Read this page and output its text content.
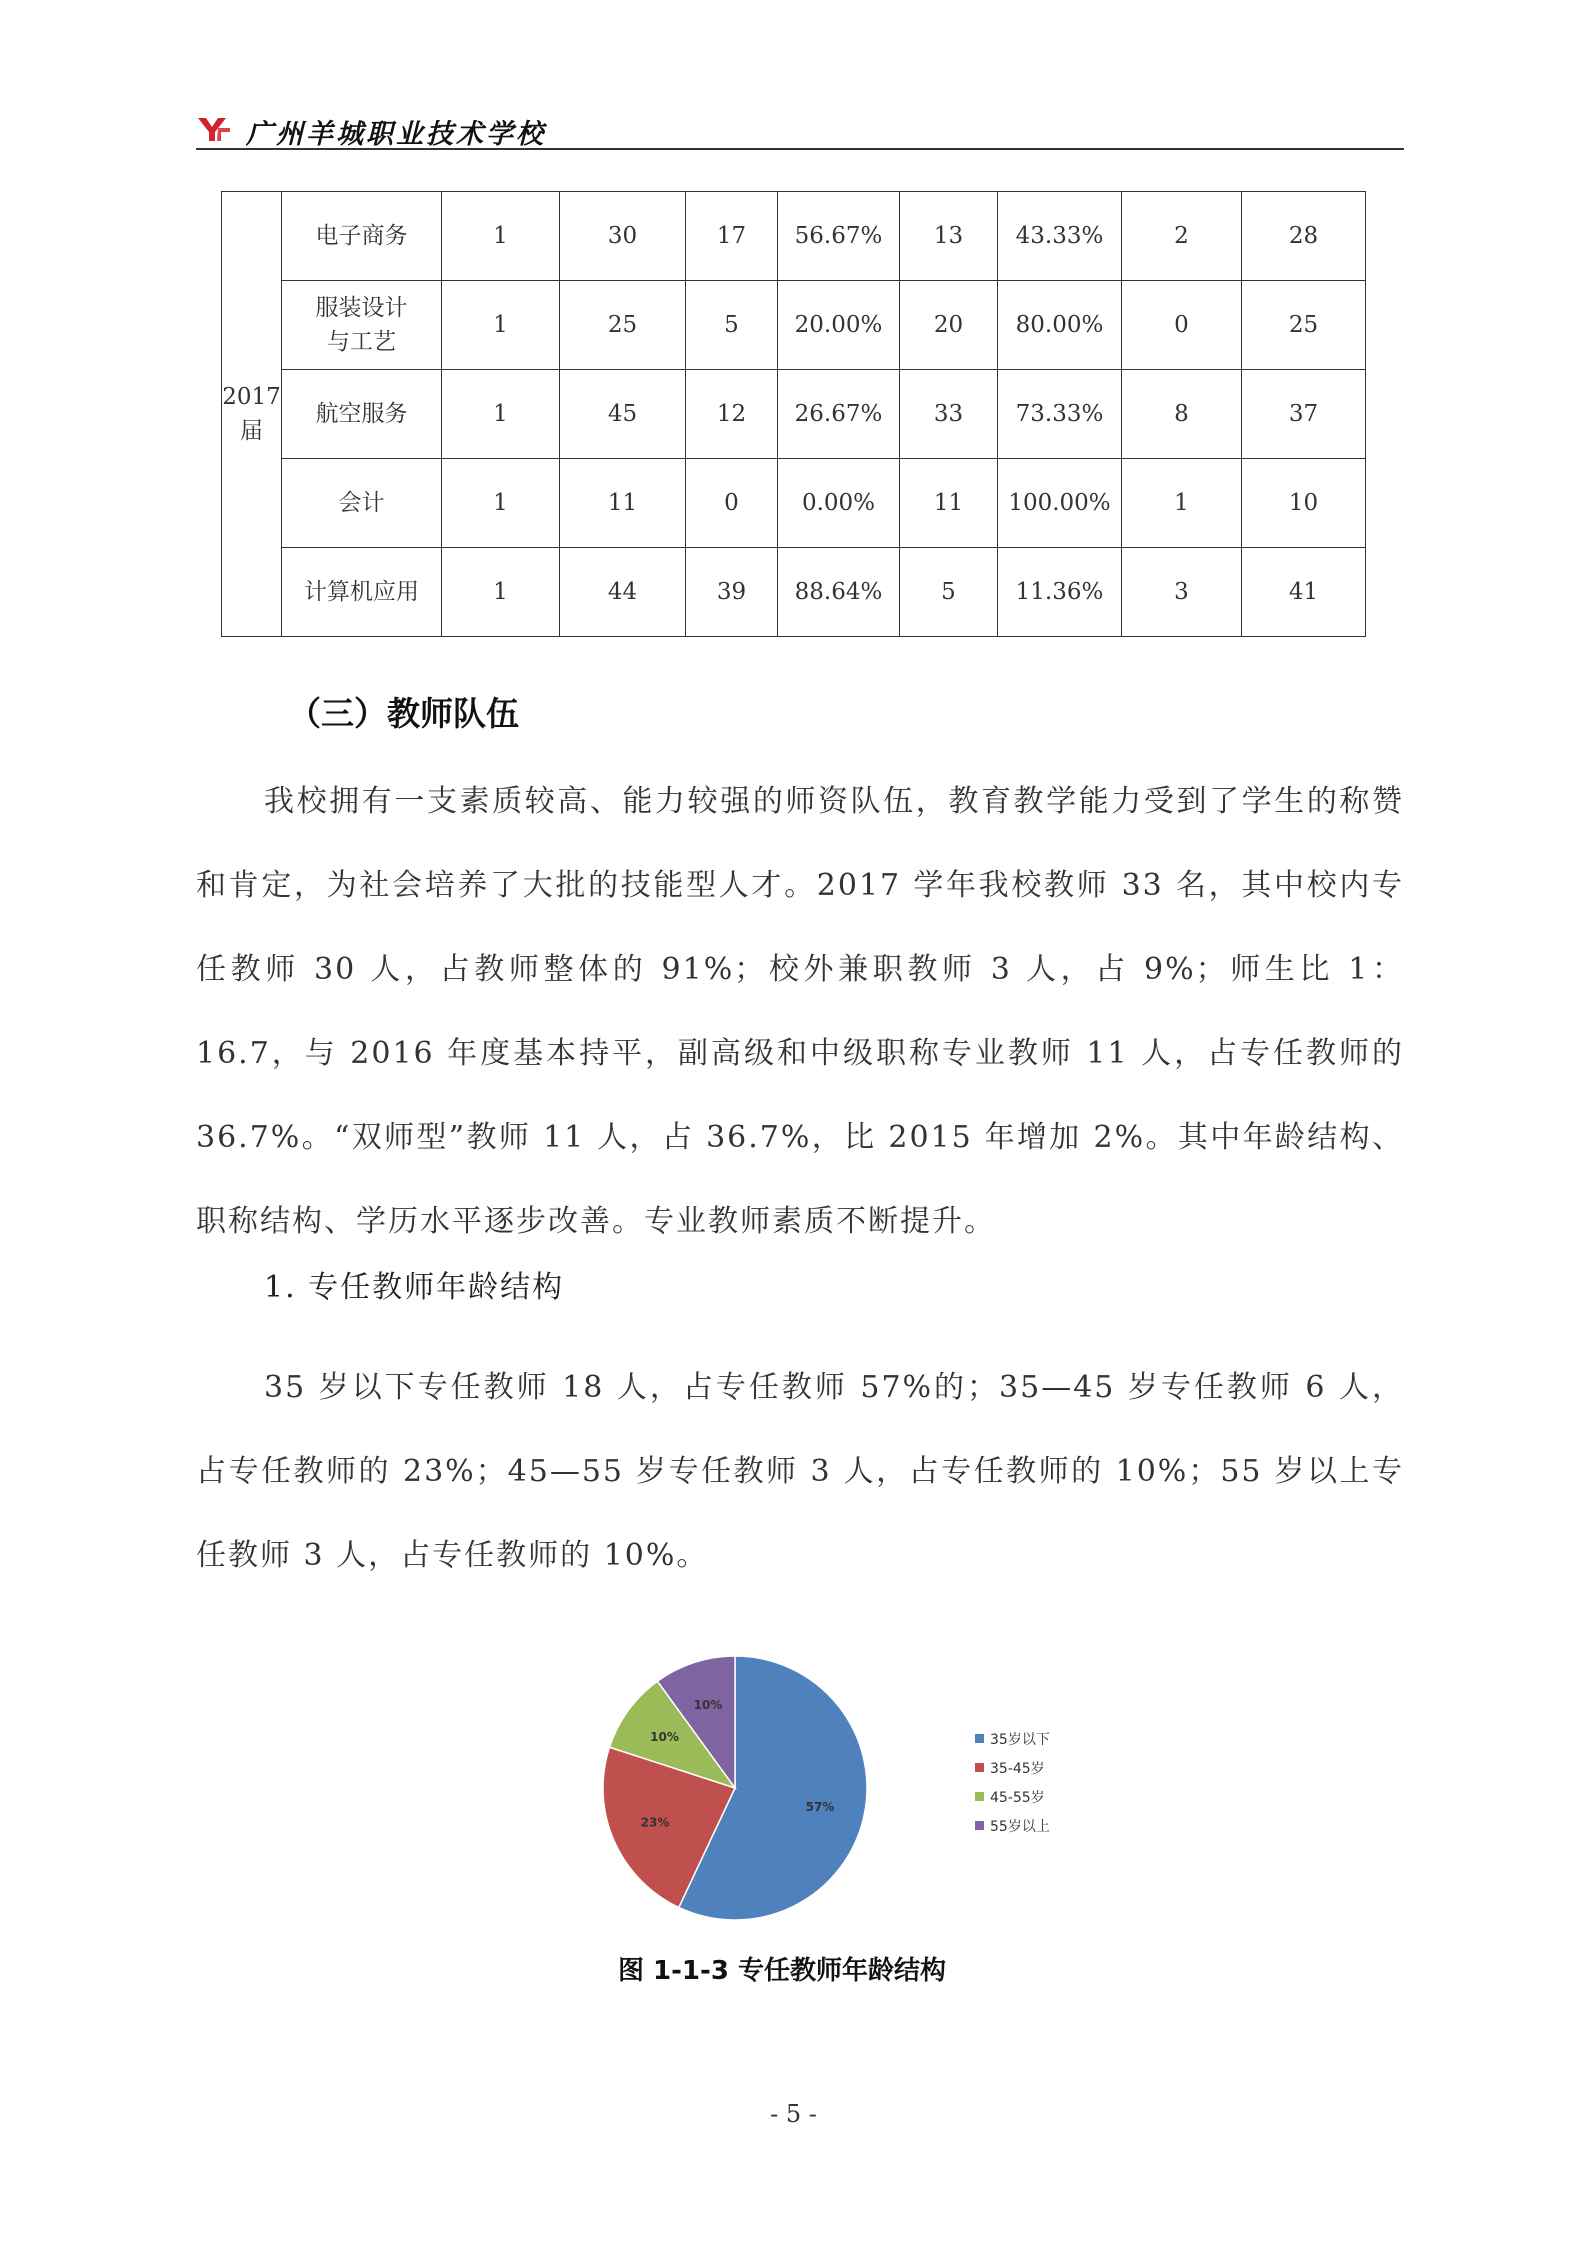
广州羊城职业技术学校
2017届	电子商务	1	30	17	56.67%	13	43.33%	2	28
	服装设计与工艺	1	25	5	20.00%	20	80.00%	0	25
	航空服务	1	45	12	26.67%	33	73.33%	8	37
	会计	1	11	0	0.00%	11	100.00%	1	10
	计算机应用	1	44	39	88.64%	5	11.36%	3	41
（三）教师队伍

我校拥有一支素质较高、能力较强的师资队伍，教育教学能力受到了学生的称赞和肯定，为社会培养了大批的技能型人才。2017 学年我校教师 33 名，其中校内专任教师 30 人，占教师整体的 91%；校外兼职教师 3 人，占 9%；师生比 1：16.7，与 2016 年度基本持平，副高级和中级职称专业教师 11 人，占专任教师的 36.7%。“双师型”教师 11 人，占 36.7%，比 2015 年增加 2%。其中年龄结构、职称结构、学历水平逐步改善。专业教师素质不断提升。

1. 专任教师年龄结构

35 岁以下专任教师 18 人，占专任教师 57%的；35—45 岁专任教师 6 人，占专任教师的 23%；45—55 岁专任教师 3 人，占专任教师的 10%；55 岁以上专任教师 3 人，占专任教师的 10%。

57%
23%
10%
10%
35岁以下
35-45岁
45-55岁
55岁以上
图 1-1-3 专任教师年龄结构
- 5 -
